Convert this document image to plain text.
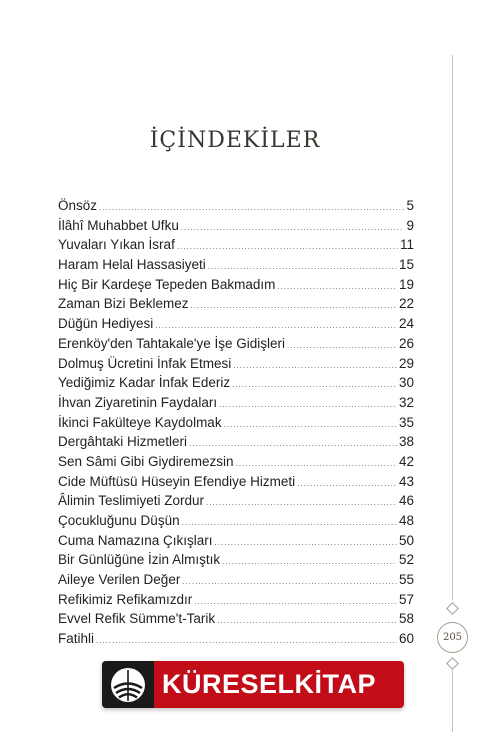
İÇİNDEKİLER
Önsöz .....	5
İlâhî Muhabbet Ufku .....	9
Yuvaları Yıkan İsraf .....	11
Haram Helal Hassasiyeti .....	15
Hiç Bir Kardeşe Tepeden Bakmadım .....	19
Zaman Bizi Beklemez .....	22
Düğün Hediyesi .....	24
Erenköy'den Tahtakale'ye İşe Gidişleri .....	26
Dolmuş Ücretini İnfak Etmesi .....	29
Yediğimiz Kadar İnfak Ederiz .....	30
İhvan Ziyaretinin Faydaları .....	32
İkinci Fakülteye Kaydolmak .....	35
Dergâhtaki Hizmetleri .....	38
Sen Sâmi Gibi Giydiremezsin .....	42
Cide Müftüsü Hüseyin Efendiye Hizmeti .....	43
Âlimin Teslimiyeti Zordur .....	46
Çocukluğunu Düşün .....	48
Cuma Namazına Çıkışları .....	50
Bir Günlüğüne İzin Almıştık .....	52
Aileye Verilen Değer .....	55
Refikimiz Refikamızdır .....	57
Evvel Refik Sümme't-Tarik .....	58
Fatihli .....	60	205
KÜRESELKİTAP
